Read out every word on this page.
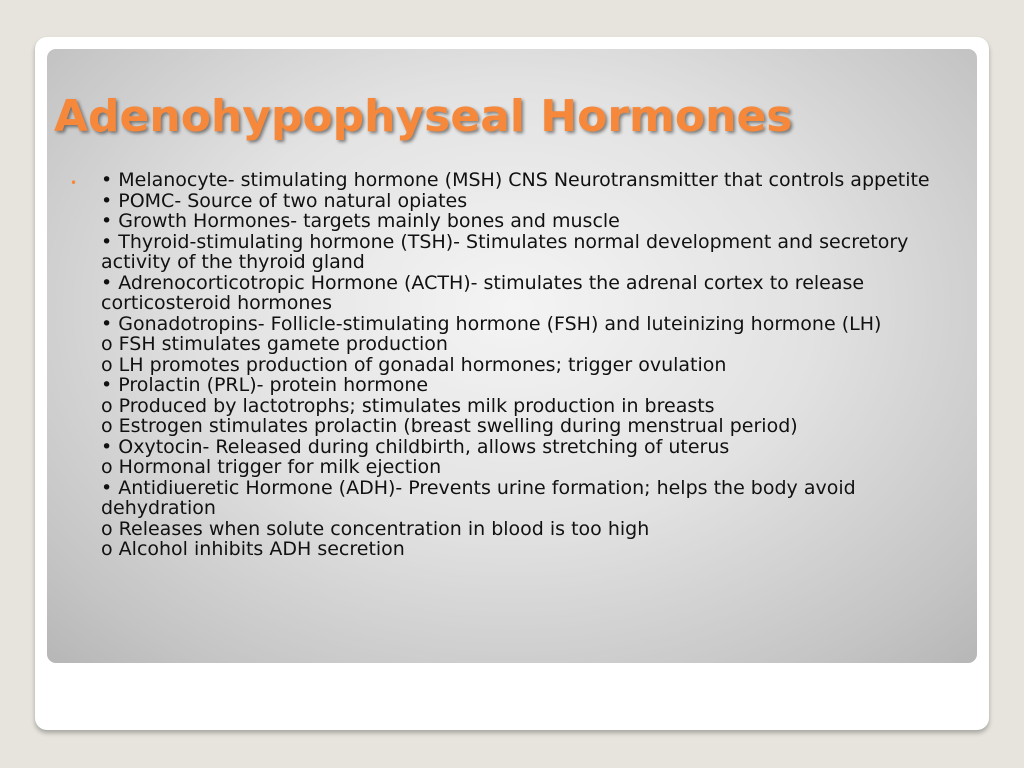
Adenohypophyseal Hormones
• • Melanocyte- stimulating hormone (MSH) CNS Neurotransmitter that controls appetite
• POMC- Source of two natural opiates
• Growth Hormones- targets mainly bones and muscle
• Thyroid-stimulating hormone (TSH)- Stimulates normal development and secretory activity of the thyroid gland
• Adrenocorticotropic Hormone (ACTH)- stimulates the adrenal cortex to release corticosteroid hormones
• Gonadotropins- Follicle-stimulating hormone (FSH) and luteinizing hormone (LH)
o FSH stimulates gamete production
o LH promotes production of gonadal hormones; trigger ovulation
• Prolactin (PRL)- protein hormone
o Produced by lactotrophs; stimulates milk production in breasts
o Estrogen stimulates prolactin (breast swelling during menstrual period)
• Oxytocin- Released during childbirth, allows stretching of uterus
o Hormonal trigger for milk ejection
• Antidiueretic Hormone (ADH)- Prevents urine formation; helps the body avoid dehydration
o Releases when solute concentration in blood is too high
o Alcohol inhibits ADH secretion
